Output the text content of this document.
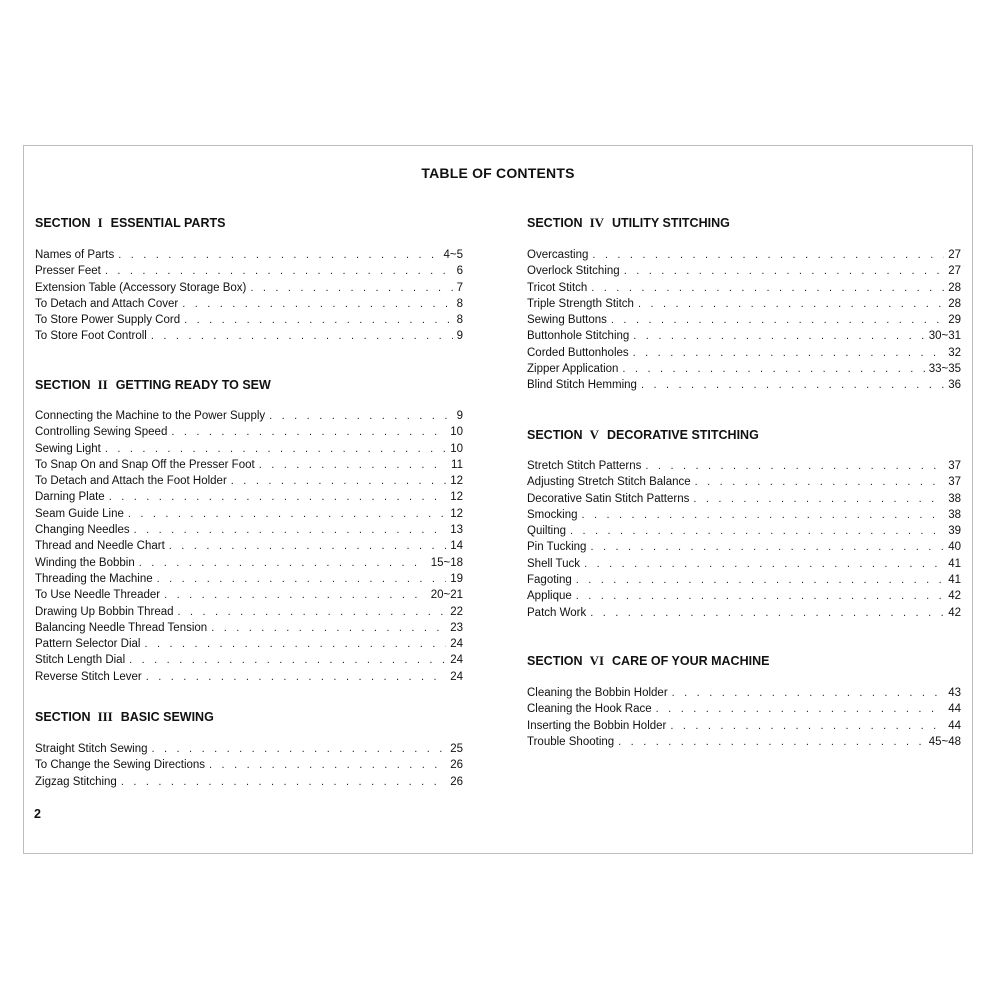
TABLE OF CONTENTS
SECTION I ESSENTIAL PARTS
Names of Parts . . .	4~5
Presser Feet . . .	6
Extension Table (Accessory Storage Box) . . .	7
To Detach and Attach Cover . . .	8
To Store Power Supply Cord . . .	8
To Store Foot Controll . . .	9
SECTION II GETTING READY TO SEW
Connecting the Machine to the Power Supply . . .	9
Controlling Sewing Speed . . .	10
Sewing Light . . .	10
To Snap On and Snap Off the Presser Foot . . .	11
To Detach and Attach the Foot Holder . . .	12
Darning Plate . . .	12
Seam Guide Line . . .	12
Changing Needles . . .	13
Thread and Needle Chart . . .	14
Winding the Bobbin . . .	15~18
Threading the Machine . . .	19
To Use Needle Threader . . .	20~21
Drawing Up Bobbin Thread . . .	22
Balancing Needle Thread Tension . . .	23
Pattern Selector Dial . . .	24
Stitch Length Dial . . .	24
Reverse Stitch Lever . . .	24
SECTION III BASIC SEWING
Straight Stitch Sewing . . .	25
To Change the Sewing Directions . . .	26
Zigzag Stitching . . .	26
SECTION IV UTILITY STITCHING
Overcasting . . .	27
Overlock Stitching . . .	27
Tricot Stitch . . .	28
Triple Strength Stitch . . .	28
Sewing Buttons . . .	29
Buttonhole Stitching . . .	30~31
Corded Buttonholes . . .	32
Zipper Application . . .	33~35
Blind Stitch Hemming . . .	36
SECTION V DECORATIVE STITCHING
Stretch Stitch Patterns . . .	37
Adjusting Stretch Stitch Balance . . .	37
Decorative Satin Stitch Patterns . . .	38
Smocking . . .	38
Quilting . . .	39
Pin Tucking . . .	40
Shell Tuck . . .	41
Fagoting . . .	41
Applique . . .	42
Patch Work . . .	42
SECTION VI CARE OF YOUR MACHINE
Cleaning the Bobbin Holder . . .	43
Cleaning the Hook Race . . .	44
Inserting the Bobbin Holder . . .	44
Trouble Shooting . . .	45~48
2
